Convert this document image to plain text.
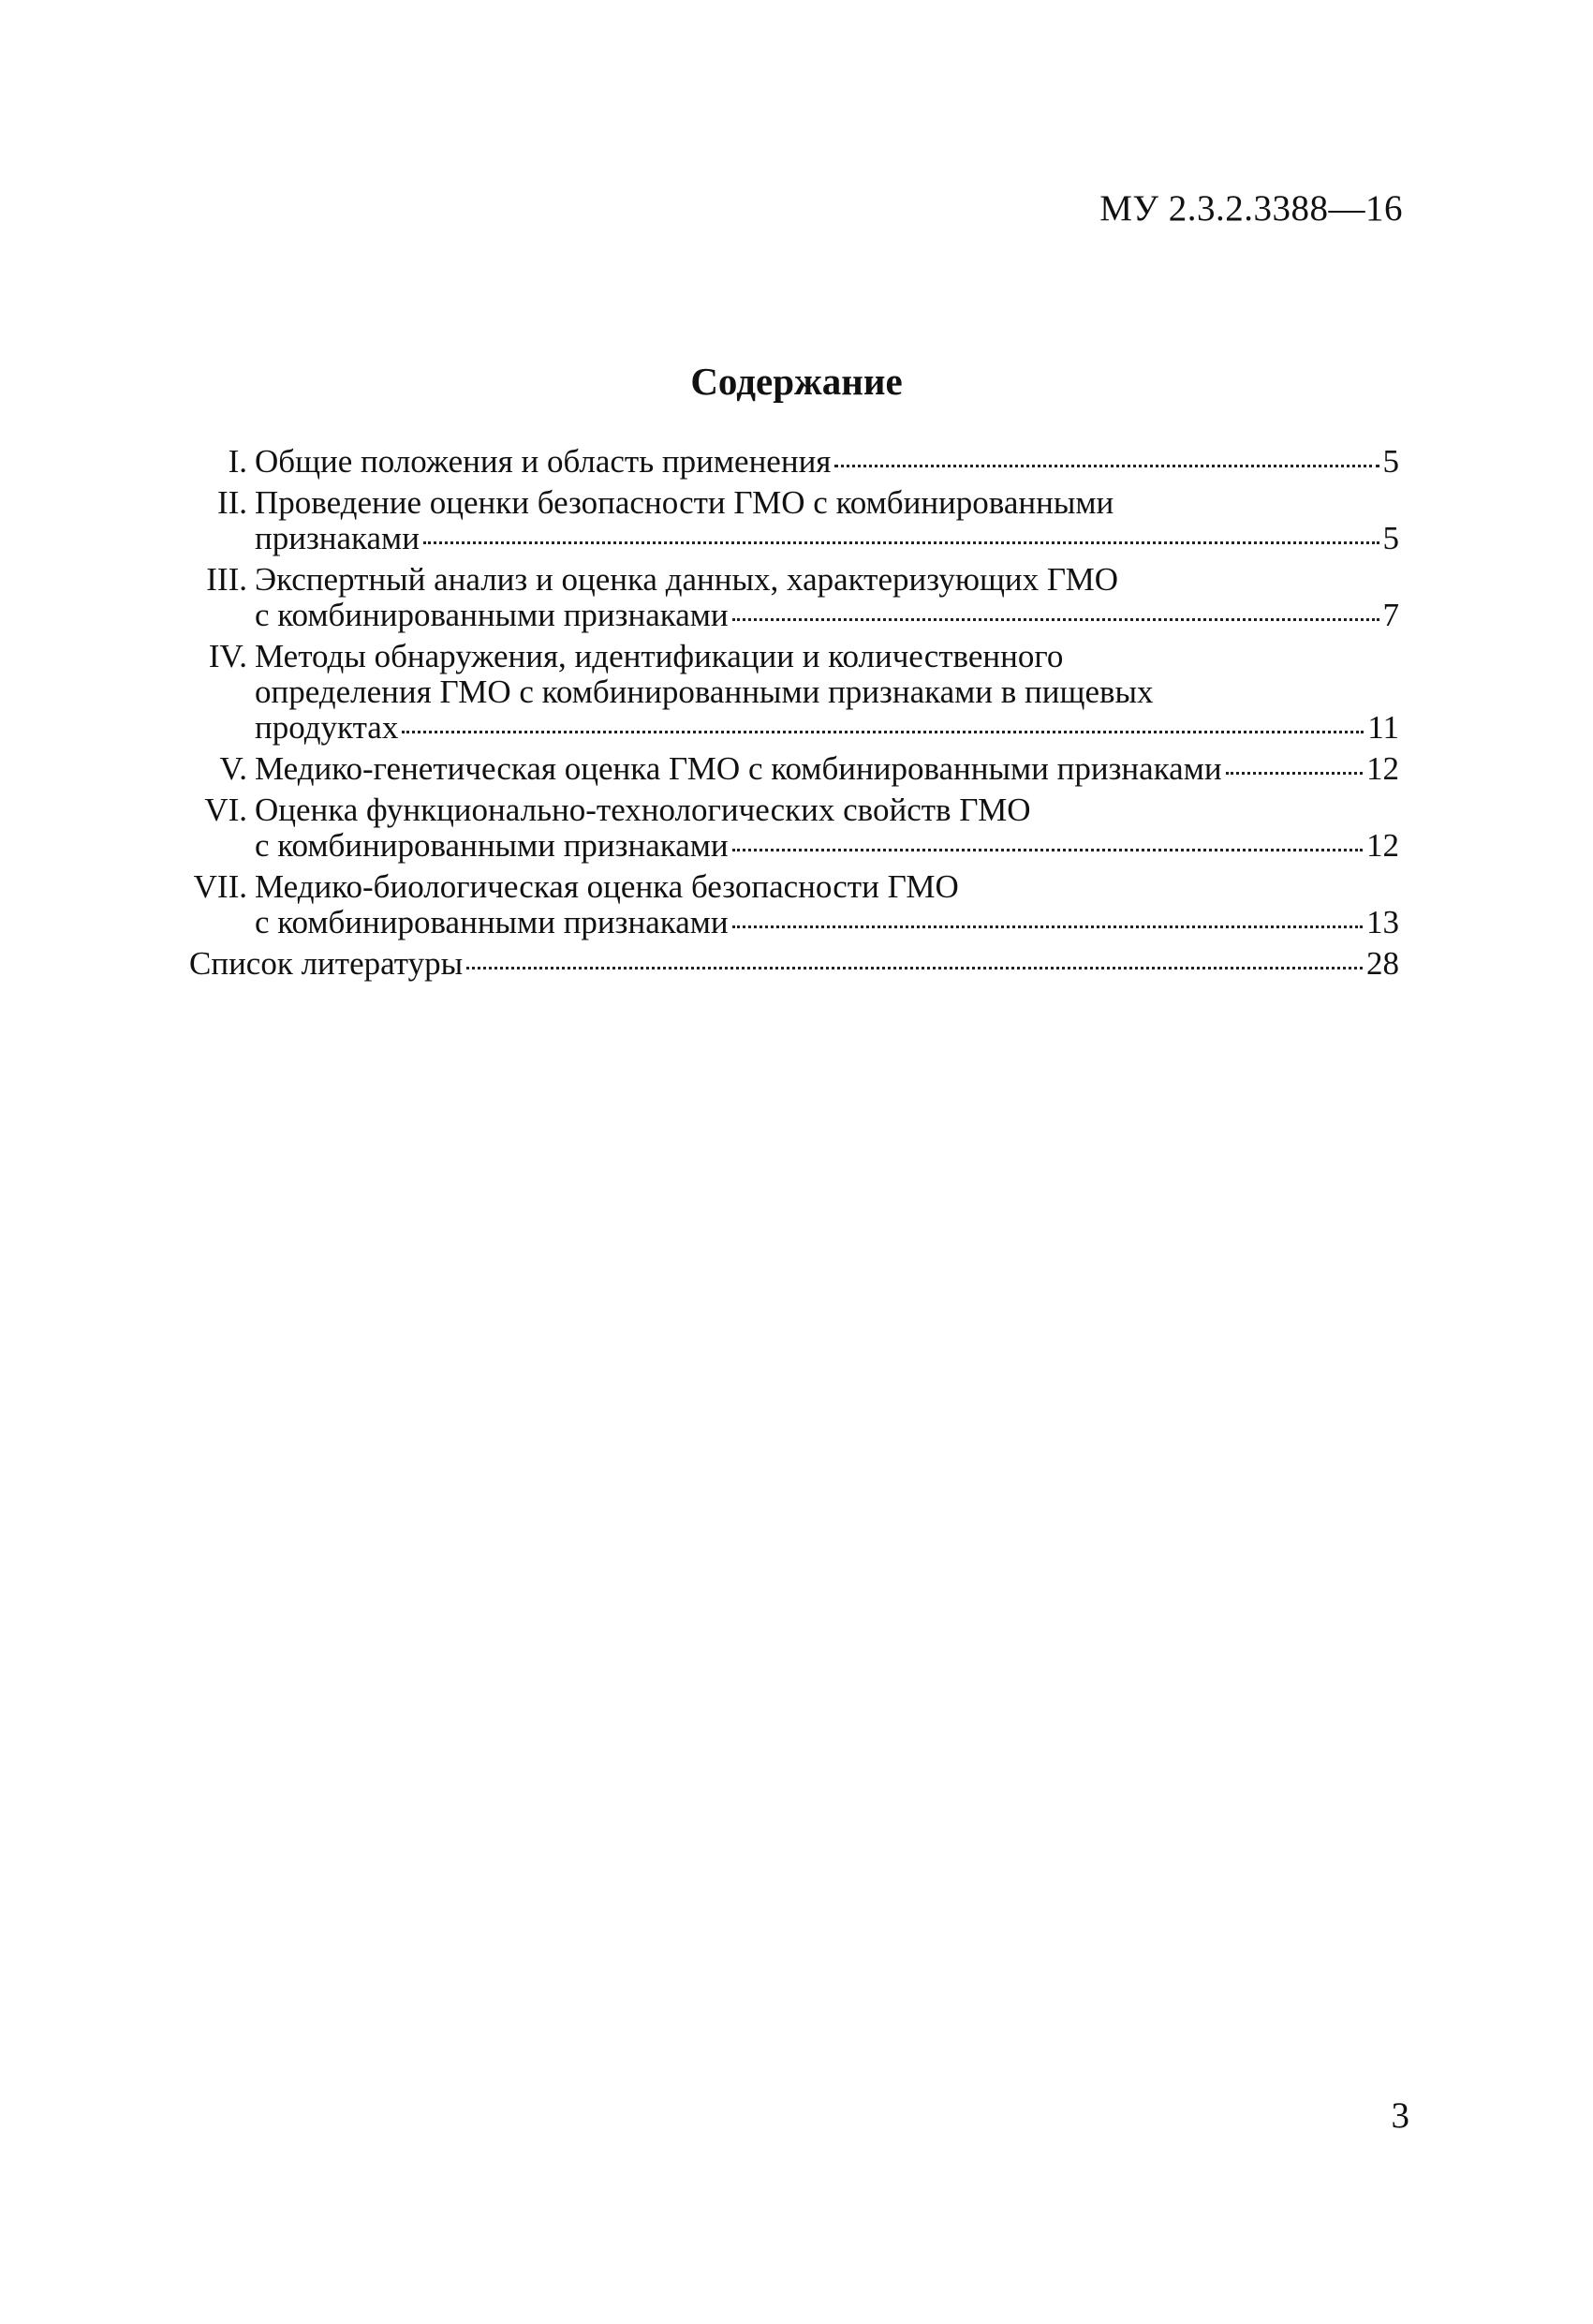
МУ 2.3.2.3388—16
Содержание
I. Общие положения и область применения	5
II. Проведение оценки безопасности ГМО с комбинированными
признаками	5
III. Экспертный анализ и оценка данных, характеризующих ГМО
с комбинированными признаками	7
IV. Методы обнаружения, идентификации и количественного
определения ГМО с комбинированными признаками в пищевых
продуктах	11
V. Медико-генетическая оценка ГМО с комбинированными признаками	12
VI. Оценка функционально-технологических свойств ГМО
с комбинированными признаками	12
VII. Медико-биологическая оценка безопасности ГМО
с комбинированными признаками	13
Список литературы	28
3
